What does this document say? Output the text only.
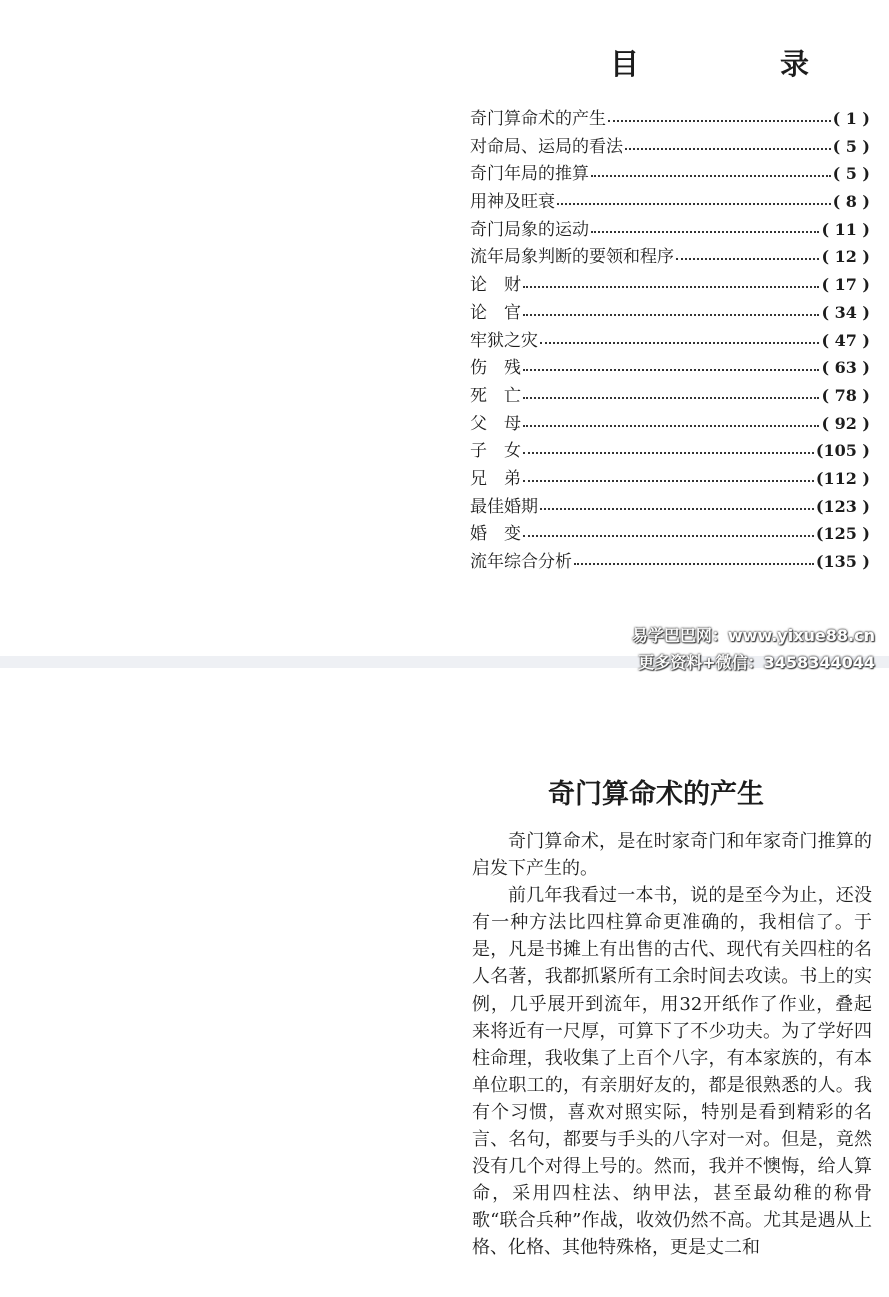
目　录
奇门算命术的产生	( 1 )
对命局、运局的看法	( 5 )
奇门年局的推算	( 5 )
用神及旺衰	( 8 )
奇门局象的运动	( 11 )
流年局象判断的要领和程序	( 12 )
论　财	( 17 )
论　官	( 34 )
牢狱之灾	( 47 )
伤　残	( 63 )
死　亡	( 78 )
父　母	( 92 )
子　女	(105 )
兄　弟	(112 )
最佳婚期	(123 )
婚　变	(125 )
流年综合分析	(135 )
易学巴巴网：www.yixue88.cn
更多资料+微信：3458344044
奇门算命术的产生

奇门算命术，是在时家奇门和年家奇门推算的启发下产生的。

前几年我看过一本书，说的是至今为止，还没有一种方法比四柱算命更准确的，我相信了。于是，凡是书摊上有出售的古代、现代有关四柱的名人名著，我都抓紧所有工余时间去攻读。书上的实例，几乎展开到流年，用32开纸作了作业，叠起来将近有一尺厚，可算下了不少功夫。为了学好四柱命理，我收集了上百个八字，有本家族的，有本单位职工的，有亲朋好友的，都是很熟悉的人。我有个习惯，喜欢对照实际，特别是看到精彩的名言、名句，都要与手头的八字对一对。但是，竟然没有几个对得上号的。然而，我并不懊悔，给人算命，采用四柱法、纳甲法，甚至最幼稚的称骨歌“联合兵种”作战，收效仍然不高。尤其是遇从上格、化格、其他特殊格，更是丈二和
